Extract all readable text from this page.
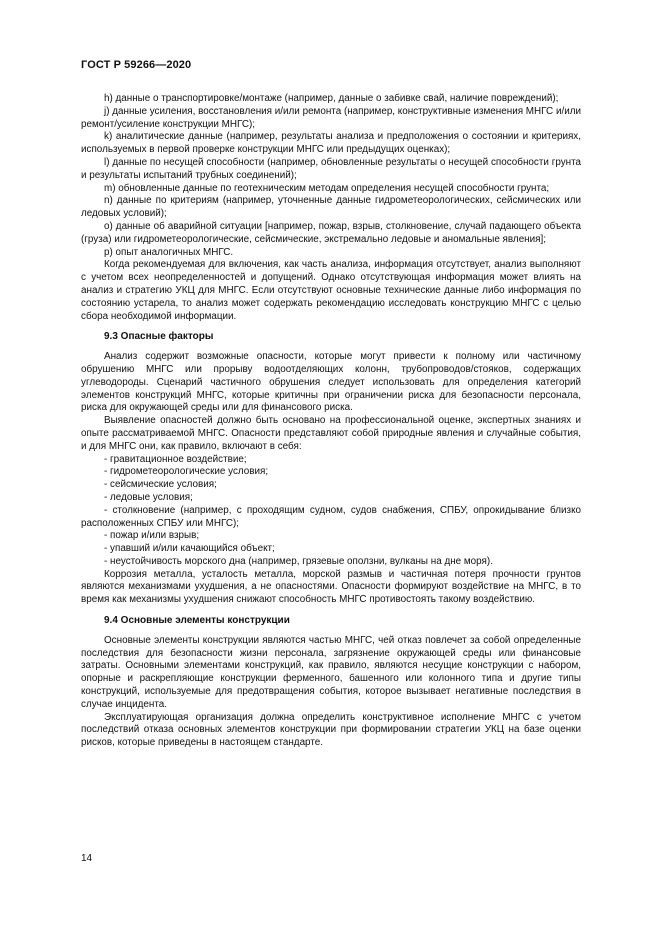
ГОСТ Р 59266—2020

h) данные о транспортировке/монтаже (например, данные о забивке свай, наличие повреждений);

j) данные усиления, восстановления и/или ремонта (например, конструктивные изменения МНГС и/или ремонт/усиление конструкции МНГС);

k) аналитические данные (например, результаты анализа и предположения о состоянии и критериях, используемых в первой проверке конструкции МНГС или предыдущих оценках);

l) данные по несущей способности (например, обновленные результаты о несущей способности грунта и результаты испытаний трубных соединений);

m) обновленные данные по геотехническим методам определения несущей способности грунта;

n) данные по критериям (например, уточненные данные гидрометеорологических, сейсмических или ледовых условий);

o) данные об аварийной ситуации [например, пожар, взрыв, столкновение, случай падающего объекта (груза) или гидрометеорологические, сейсмические, экстремально ледовые и аномальные явления];

p) опыт аналогичных МНГС.

Когда рекомендуемая для включения, как часть анализа, информация отсутствует, анализ выполняют с учетом всех неопределенностей и допущений. Однако отсутствующая информация может влиять на анализ и стратегию УКЦ для МНГС. Если отсутствуют основные технические данные либо информация по состоянию устарела, то анализ может содержать рекомендацию исследовать конструкцию МНГС с целью сбора необходимой информации.

9.3 Опасные факторы

Анализ содержит возможные опасности, которые могут привести к полному или частичному обрушению МНГС или прорыву водоотделяющих колонн, трубопроводов/стояков, содержащих углеводороды. Сценарий частичного обрушения следует использовать для определения категорий элементов конструкций МНГС, которые критичны при ограничении риска для безопасности персонала, риска для окружающей среды или для финансового риска.

Выявление опасностей должно быть основано на профессиональной оценке, экспертных знаниях и опыте рассматриваемой МНГС. Опасности представляют собой природные явления и случайные события, и для МНГС они, как правило, включают в себя:

- гравитационное воздействие;

- гидрометеорологические условия;

- сейсмические условия;

- ледовые условия;

- столкновение (например, с проходящим судном, судов снабжения, СПБУ, опрокидывание близко расположенных СПБУ или МНГС);

- пожар и/или взрыв;

- упавший и/или качающийся объект;

- неустойчивость морского дна (например, грязевые оползни, вулканы на дне моря).

Коррозия металла, усталость металла, морской размыв и частичная потеря прочности грунтов являются механизмами ухудшения, а не опасностями. Опасности формируют воздействие на МНГС, в то время как механизмы ухудшения снижают способность МНГС противостоять такому воздействию.

9.4 Основные элементы конструкции

Основные элементы конструкции являются частью МНГС, чей отказ повлечет за собой определенные последствия для безопасности жизни персонала, загрязнение окружающей среды или финансовые затраты. Основными элементами конструкций, как правило, являются несущие конструкции с набором, опорные и раскрепляющие конструкции ферменного, башенного или колонного типа и другие типы конструкций, используемые для предотвращения события, которое вызывает негативные последствия в случае инцидента.

Эксплуатирующая организация должна определить конструктивное исполнение МНГС с учетом последствий отказа основных элементов конструкции при формировании стратегии УКЦ на базе оценки рисков, которые приведены в настоящем стандарте.

14
